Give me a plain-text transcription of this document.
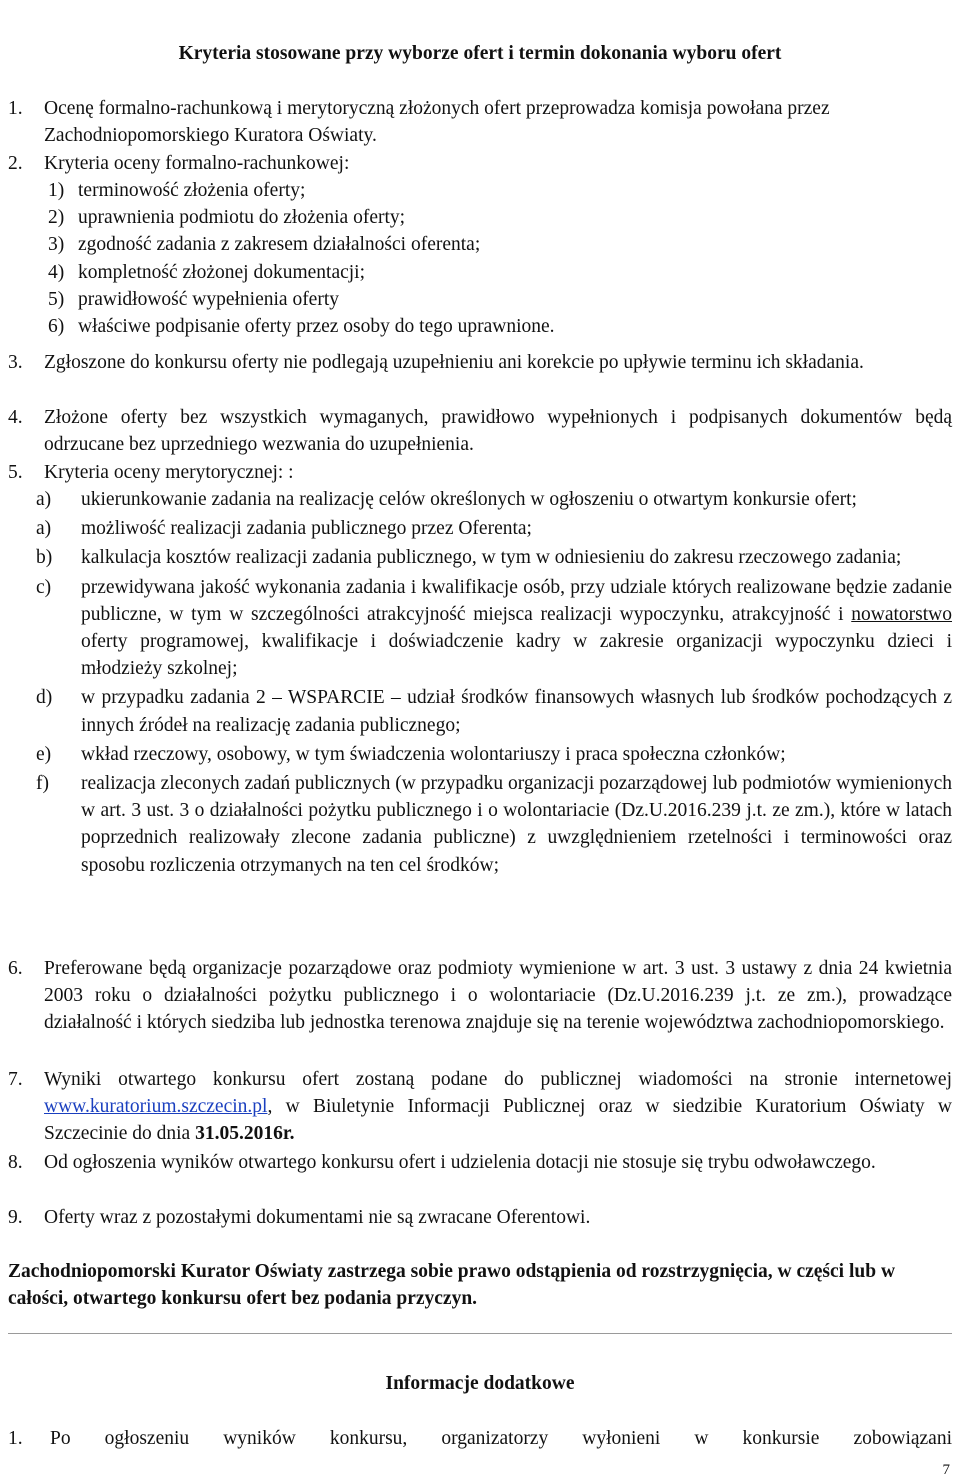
Kryteria stosowane przy wyborze ofert i termin dokonania wyboru ofert
1.	Ocenę formalno-rachunkową i merytoryczną złożonych ofert przeprowadza komisja powołana przez Zachodniopomorskiego Kuratora Oświaty.
2.	Kryteria oceny formalno-rachunkowej:
1) terminowość złożenia oferty;
2) uprawnienia podmiotu do złożenia oferty;
3) zgodność zadania z zakresem działalności oferenta;
4) kompletność złożonej dokumentacji;
5) prawidłowość wypełnienia oferty
6) właściwe podpisanie oferty przez osoby do tego uprawnione.
3.	Zgłoszone do konkursu oferty nie podlegają uzupełnieniu ani korekcie po upływie terminu ich składania.
4.	Złożone oferty bez wszystkich wymaganych, prawidłowo wypełnionych i podpisanych dokumentów będą odrzucane bez uprzedniego wezwania do uzupełnienia.
5.	Kryteria oceny merytorycznej: :
a)	ukierunkowanie zadania na realizację celów określonych w ogłoszeniu o otwartym konkursie ofert;
a)	możliwość realizacji zadania publicznego przez Oferenta;
b)	kalkulacja kosztów realizacji zadania publicznego, w tym w odniesieniu do zakresu rzeczowego zadania;
c)	przewidywana jakość wykonania zadania i kwalifikacje osób, przy udziale których realizowane będzie zadanie publiczne, w tym w szczególności atrakcyjność miejsca realizacji wypoczynku, atrakcyjność i nowatorstwo oferty programowej, kwalifikacje i doświadczenie kadry w zakresie organizacji wypoczynku dzieci i młodzieży szkolnej;
d)	w przypadku zadania 2 – WSPARCIE – udział środków finansowych własnych lub środków pochodzących z innych źródeł na realizację zadania publicznego;
e)	wkład rzeczowy, osobowy, w tym świadczenia wolontariuszy i praca społeczna członków;
f)	realizacja zleconych zadań publicznych (w przypadku organizacji pozarządowej lub podmiotów wymienionych w art. 3 ust. 3 o działalności pożytku publicznego i o wolontariacie (Dz.U.2016.239 j.t. ze zm.), które w latach poprzednich realizowały zlecone zadania publiczne) z uwzględnieniem rzetelności i terminowości oraz sposobu rozliczenia otrzymanych na ten cel środków;
6.	Preferowane będą organizacje pozarządowe oraz podmioty wymienione w art. 3 ust. 3 ustawy z dnia 24 kwietnia 2003 roku o działalności pożytku publicznego i o wolontariacie (Dz.U.2016.239 j.t. ze zm.), prowadzące działalność i których siedziba lub jednostka terenowa znajduje się na terenie województwa zachodniopomorskiego.
7.	Wyniki otwartego konkursu ofert zostaną podane do publicznej wiadomości na stronie internetowej www.kuratorium.szczecin.pl, w Biuletynie Informacji Publicznej oraz w siedzibie Kuratorium Oświaty w Szczecinie do dnia 31.05.2016r.
8.	Od ogłoszenia wyników otwartego konkursu ofert i udzielenia dotacji nie stosuje się trybu odwoławczego.
9.	Oferty wraz z pozostałymi dokumentami nie są zwracane Oferentowi.

Zachodniopomorski Kurator Oświaty zastrzega sobie prawo odstąpienia od rozstrzygnięcia, w części lub w całości, otwartego konkursu ofert bez podania przyczyn.

Informacje dodatkowe
1.	Po ogłoszeniu wyników konkursu, organizatorzy wyłonieni w konkursie zobowiązani
7
